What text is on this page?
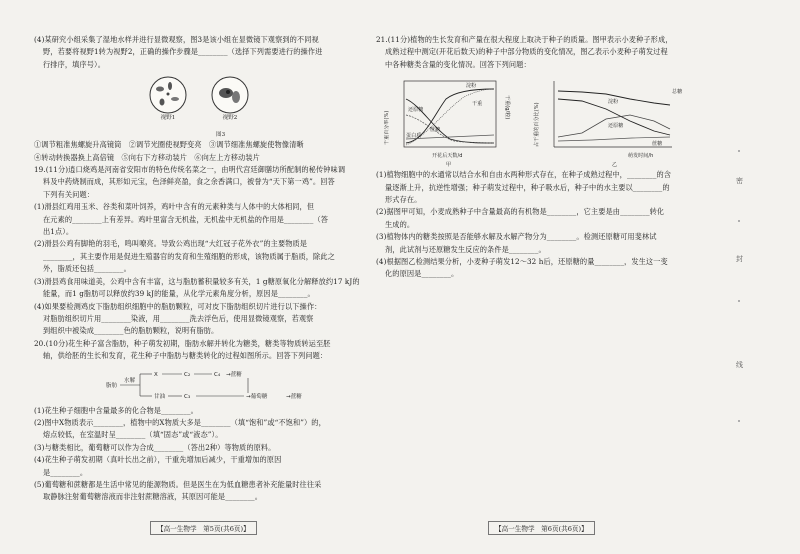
(4)某研究小组采集了湿地水样并进行显微观察，图3是该小组在显微镜下观察到的不同视

野，若要将视野1转为视野2，正确的操作步骤是________（选择下列需要进行的操作进

行排序，填序号）。

视野1	视野2
图3

①调节粗准焦螺旋升高镜筒　②调节光圈使视野变亮　③调节细准焦螺旋使物像清晰

④转动转换器换上高倍镜　⑤向右下方移动装片　⑥向左上方移动装片

19.(11分)逍口烧鸡是河南省安阳市的特色传统名菜之一，由明代宫廷御膳坊所配制的秘传钟味调

料及中药烧制而成，其形如元宝，色泽鲜亮盈，食之余香满口，被誉为“天下第一鸡”。回答

下列有关问题：

(1)滑县红鸡用玉米、谷类和菜叶饲养，鸡叶中含有的元素种类与人体中的大体相同，但

在元素的________上有差异。鸡叶里富含无机盐，无机盐中无机盐的作用是________（答

出1点）。

(2)滑县公鸡有脚艳的羽毛，鸣叫嘹亮。导致公鸡出现“大红冠子花外衣”的主要物质是

________，其主要作用是促进生殖器官的发育和生殖细胞的形成，该物质属于脂质，除此之

外，脂质还包括________。

(3)滑县鸡食用味道美，公鸡中含有丰富，这与脂肪蓄积量较多有关，1 g糖原氧化分解释放约17 kJ的

能量，而1 g脂肪可以释放约39 kJ的能量，从化学元素角度分析，原因是________。

(4)如果要检测鸡皮下脂肪组织细胞中的脂肪颗粒，可对皮下脂肪组织切片进行以下操作：

对脂肪组织切片用________染液，用________洗去浮色后，使用显微镜观察，若观察

到组织中被染成________色的脂肪颗粒，说明有脂肪。

20.(10分)花生种子富含脂肪，种子萌发初期，脂肪水解并转化为糖类，糖类等物质转运至胚

轴，供给胚的生长和发育，花生种子中脂肪与糖类转化的过程如图所示。回答下列问题：

脂肪
水解
X	C₂	C₄ →蔗糖
甘油	C₃	→葡萄糖	→蔗糖

(1)花生种子细胞中含量最多的化合物是________。

(2)图中X物质表示________，植物中的X物质大多是________（填“饱和”或“不饱和”）的，

熔点较低，在室温时呈________（填“固态”或“液态”）。

(3)与糖类相比，葡萄糖可以作为合成________（答出2种）等物质的原料。

(4)花生种子萌发初期（真叶长出之前），干重先增加后减少，干重增加的原因

是________。

(5)葡萄糖和蔗糖都是生活中常见的能源物质。但是医生在为低血糖患者补充能量时往往采

取静脉注射葡萄糖溶液而非注射蔗糖溶液，其原因可能是________。

21.(11分)植物的生长发育和产量在很大程度上取决于种子的质量。图甲表示小麦种子形成，

成熟过程中测定(开花后数天)的种子中部分物质的变化情况，图乙表示小麦种子萌发过程

中各种糖类含量的变化情况。回答下列问题：

淀粉
还原糖
蔗糖
蛋白质
干重
干重百分率(%)
干重(g/粒)
开花后天数/d
甲
总糖
淀粉
还原糖
蔗糖
占干重的百分比(%)
萌发时间/h
乙

(1)植物细胞中的水通常以结合水和自由水两种形式存在，在种子成熟过程中，________的含

量逐渐上升，抗逆性增强；种子萌发过程中，种子吸水后，种子中的水主要以________的

形式存在。

(2)据图甲可知，小麦成熟种子中含量最高的有机物是________，它主要是由________转化

生成的。

(3)植物体内的糖类按照是否能够水解及水解产物分为________。检测还原糖可用斐林试

剂，此试剂与还原糖发生反应的条件是________。

(4)根据图乙检测结果分析，小麦种子萌发12～32 h后，还原糖的量________，发生这一变

化的原因是________。

密
封
线
【高一生物学　第5页(共6页)】	【高一生物学　第6页(共6页)】
